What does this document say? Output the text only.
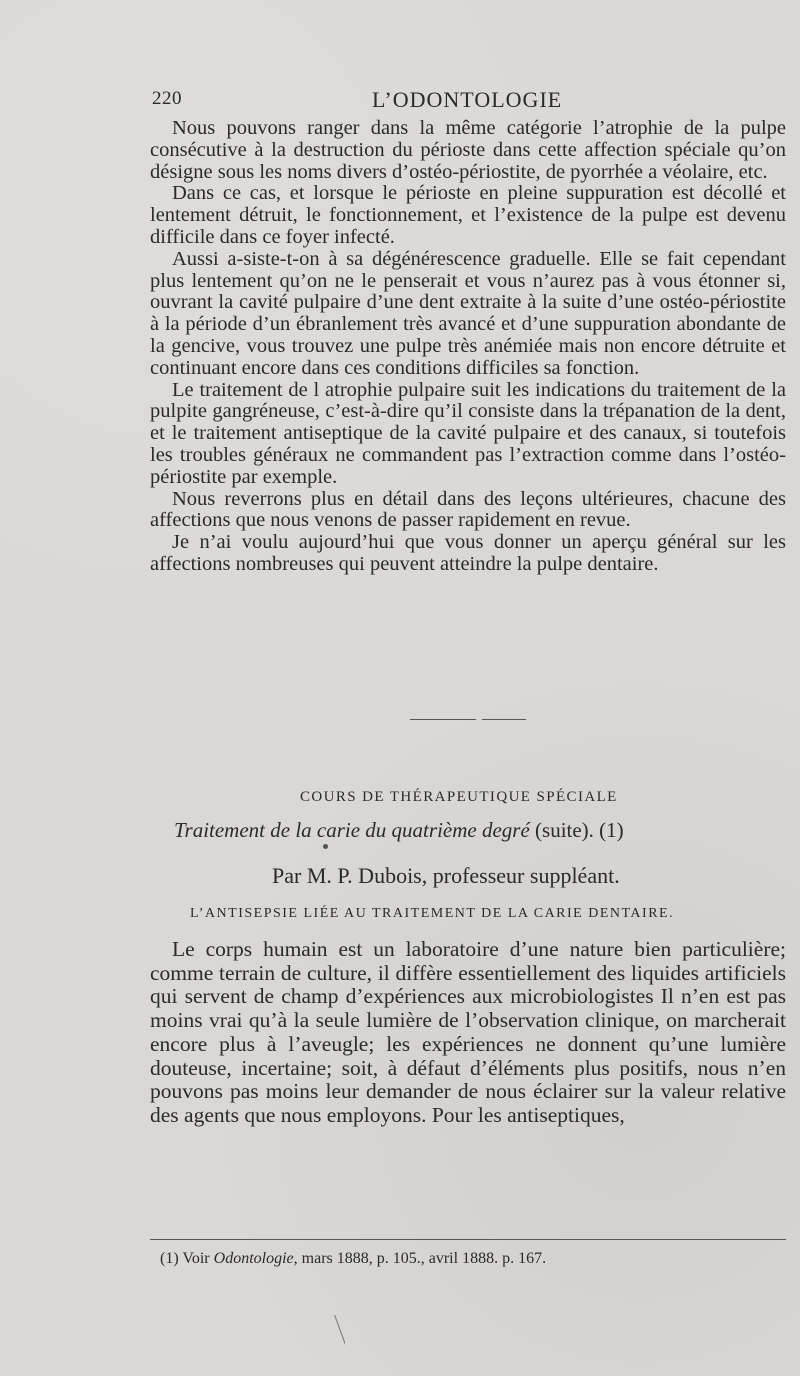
220	L’ODONTOLOGIE

Nous pouvons ranger dans la même catégorie l’atrophie de la pulpe consécutive à la destruction du périoste dans cette affection spéciale qu’on désigne sous les noms divers d’ostéo-périostite, de pyorrhée a véolaire, etc.

Dans ce cas, et lorsque le périoste en pleine suppuration est décollé et lentement détruit, le fonctionnement, et l’existence de la pulpe est devenu difficile dans ce foyer infecté.

Aussi a-siste-t-on à sa dégénérescence graduelle. Elle se fait cependant plus lentement qu’on ne le penserait et vous n’aurez pas à vous étonner si, ouvrant la cavité pulpaire d’une dent extraite à la suite d’une ostéo-périostite à la période d’un ébranlement très avancé et d’une suppuration abondante de la gencive, vous trouvez une pulpe très anémiée mais non encore détruite et continuant encore dans ces conditions difficiles sa fonction.

Le traitement de l atrophie pulpaire suit les indications du traitement de la pulpite gangréneuse, c’est-à-dire qu’il consiste dans la trépanation de la dent, et le traitement antiseptique de la cavité pulpaire et des canaux, si toutefois les troubles généraux ne commandent pas l’extraction comme dans l’ostéo-périostite par exemple.

Nous reverrons plus en détail dans des leçons ultérieures, chacune des affections que nous venons de passer rapidement en revue.

Je n’ai voulu aujourd’hui que vous donner un aperçu général sur les affections nombreuses qui peuvent atteindre la pulpe dentaire.

COURS DE THÉRAPEUTIQUE SPÉCIALE
Traitement de la carie du quatrième degré (suite). (1)
Par M. P. Dubois, professeur suppléant.
L’ANTISEPSIE LIÉE AU TRAITEMENT DE LA CARIE DENTAIRE.

Le corps humain est un laboratoire d’une nature bien particulière; comme terrain de culture, il diffère essentiellement des liquides artificiels qui servent de champ d’expériences aux microbiologistes Il n’en est pas moins vrai qu’à la seule lumière de l’observation clinique, on marcherait encore plus à l’aveugle; les expériences ne donnent qu’une lumière douteuse, incertaine; soit, à défaut d’éléments plus positifs, nous n’en pouvons pas moins leur demander de nous éclairer sur la valeur relative des agents que nous employons. Pour les antiseptiques,

(1) Voir Odontologie, mars 1888, p. 105., avril 1888. p. 167.
